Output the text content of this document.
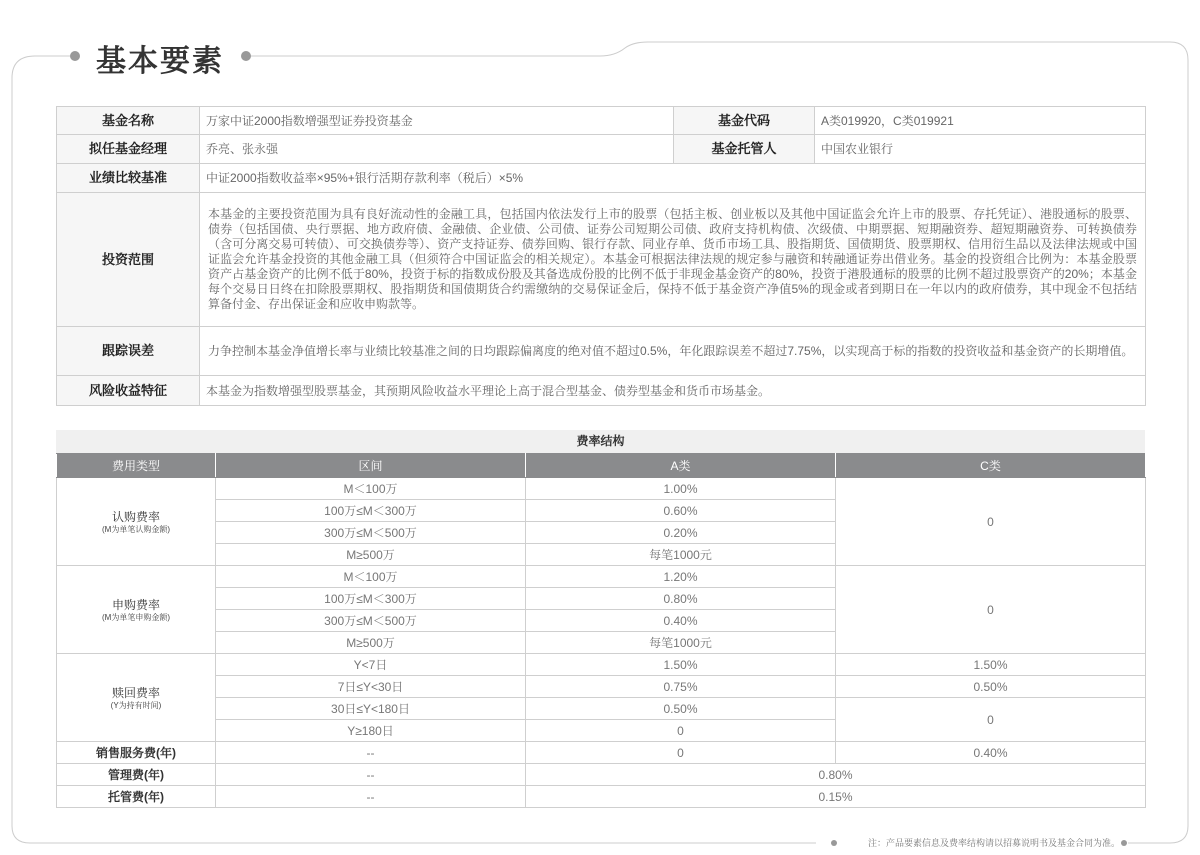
基本要素
基金名称	万家中证2000指数增强型证券投资基金	基金代码	A类019920，C类019921
拟任基金经理	乔亮、张永强	基金托管人	中国农业银行
业绩比较基准	中证2000指数收益率×95%+银行活期存款利率（税后）×5%		
投资范围	本基金的主要投资范围为具有良好流动性的金融工具，包括国内依法发行上市的股票（包括主板、创业板以及其他中国证监会允许上市的股票、存托凭证）、港股通标的股票、债券（包括国债、央行票据、地方政府债、金融债、企业债、公司债、证券公司短期公司债、政府支持机构债、次级债、中期票据、短期融资券、超短期融资券、可转换债券（含可分离交易可转债）、可交换债券等）、资产支持证券、债券回购、银行存款、同业存单、货币市场工具、股指期货、国债期货、股票期权、信用衍生品以及法律法规或中国证监会允许基金投资的其他金融工具（但须符合中国证监会的相关规定）。本基金可根据法律法规的规定参与融资和转融通证券出借业务。基金的投资组合比例为：本基金股票资产占基金资产的比例不低于80%，投资于标的指数成份股及其备选成份股的比例不低于非现金基金资产的80%，投资于港股通标的股票的比例不超过股票资产的20%；本基金每个交易日日终在扣除股票期权、股指期货和国债期货合约需缴纳的交易保证金后，保持不低于基金资产净值5%的现金或者到期日在一年以内的政府债券，其中现金不包括结算备付金、存出保证金和应收申购款等。		
跟踪误差	力争控制本基金净值增长率与业绩比较基准之间的日均跟踪偏离度的绝对值不超过0.5%，年化跟踪误差不超过7.75%，以实现高于标的指数的投资收益和基金资产的长期增值。		
风险收益特征	本基金为指数增强型股票基金，其预期风险收益水平理论上高于混合型基金、债券型基金和货币市场基金。		
费率结构
费用类型	区间	A类	C类
认购费率
(M为单笔认购金额)	M＜100万	1.00%	0
	100万≤M＜300万	0.60%	
	300万≤M＜500万	0.20%	
	M≥500万	每笔1000元	
申购费率
(M为单笔申购金额)	M＜100万	1.20%	0
	100万≤M＜300万	0.80%	
	300万≤M＜500万	0.40%	
	M≥500万	每笔1000元	
赎回费率
(Y为持有时间)	Y<7日	1.50%	1.50%
	7日≤Y<30日	0.75%	0.50%
	30日≤Y<180日	0.50%	0
	Y≥180日	0	
销售服务费(年)	--	0	0.40%
管理费(年)	--	0.80%	
托管费(年)	--	0.15%	
注：产品要素信息及费率结构请以招募说明书及基金合同为准。
